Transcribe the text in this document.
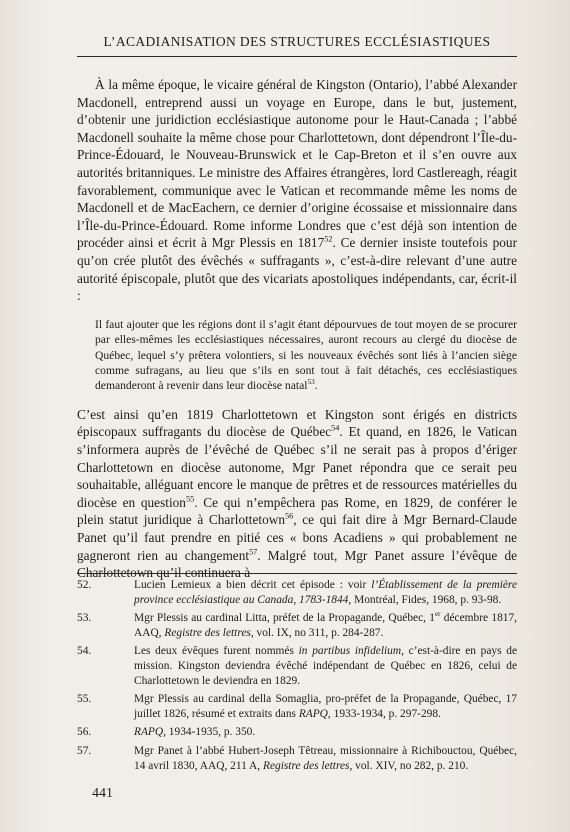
L’ACADIANISATION DES STRUCTURES ECCLÉSIASTIQUES

À la même époque, le vicaire général de Kingston (Ontario), l’abbé Alexander Macdonell, entreprend aussi un voyage en Europe, dans le but, justement, d’obtenir une juridiction ecclésiastique autonome pour le Haut-Canada ; l’abbé Macdonell souhaite la même chose pour Charlottetown, dont dépendront l’Île-du-Prince-Édouard, le Nouveau-Brunswick et le Cap-Breton et il s’en ouvre aux autorités britanniques. Le ministre des Affaires étrangères, lord Castlereagh, réagit favorablement, communique avec le Vatican et recommande même les noms de Macdonell et de MacEachern, ce dernier d’origine écossaise et missionnaire dans l’Île-du-Prince-Édouard. Rome informe Londres que c’est déjà son intention de procéder ainsi et écrit à Mgr Plessis en 1817$^{52}$. Ce dernier insiste toutefois pour qu’on crée plutôt des évêchés « suffragants », c’est-à-dire relevant d’une autre autorité épiscopale, plutôt que des vicariats apostoliques indépendants, car, écrit-il :

Il faut ajouter que les régions dont il s’agit étant dépourvues de tout moyen de se procurer par elles-mêmes les ecclésiastiques nécessaires, auront recours au clergé du diocèse de Québec, lequel s’y prêtera volontiers, si les nouveaux évêchés sont liés à l’ancien siège comme sufragans, au lieu que s’ils en sont tout à fait détachés, ces ecclésiastiques demanderont à revenir dans leur diocèse natal$^{53}$.

C’est ainsi qu’en 1819 Charlottetown et Kingston sont érigés en districts épiscopaux suffragants du diocèse de Québec$^{54}$. Et quand, en 1826, le Vatican s’informera auprès de l’évêché de Québec s’il ne serait pas à propos d’ériger Charlottetown en diocèse autonome, Mgr Panet répondra que ce serait peu souhaitable, alléguant encore le manque de prêtres et de ressources matérielles du diocèse en question$^{55}$. Ce qui n’empêchera pas Rome, en 1829, de conférer le plein statut juridique à Charlottetown$^{56}$, ce qui fait dire à Mgr Bernard-Claude Panet qu’il faut prendre en pitié ces « bons Acadiens » qui probablement ne gagneront rien au changement$^{57}$. Malgré tout, Mgr Panet assure l’évêque de Charlottetown qu’il continuera à

52.	Lucien Lemieux a bien décrit cet épisode : voir l’Établissement de la première province ecclésiastique au Canada, 1783-1844, Montréal, Fides, 1968, p. 93-98.
53.	Mgr Plessis au cardinal Litta, préfet de la Propagande, Québec, 1er décembre 1817, AAQ, Registre des lettres, vol. IX, no 311, p. 284-287.
54.	Les deux évêques furent nommés in partibus infidelium, c’est-à-dire en pays de mission. Kingston deviendra évêché indépendant de Québec en 1826, celui de Charlottetown le deviendra en 1829.
55.	Mgr Plessis au cardinal della Somaglia, pro-préfet de la Propagande, Québec, 17 juillet 1826, résumé et extraits dans RAPQ, 1933-1934, p. 297-298.
56.	RAPQ, 1934-1935, p. 350.
57.	Mgr Panet à l’abbé Hubert-Joseph Têtreau, missionnaire à Richibouctou, Québec, 14 avril 1830, AAQ, 211 A, Registre des lettres, vol. XIV, no 282, p. 210.
441
